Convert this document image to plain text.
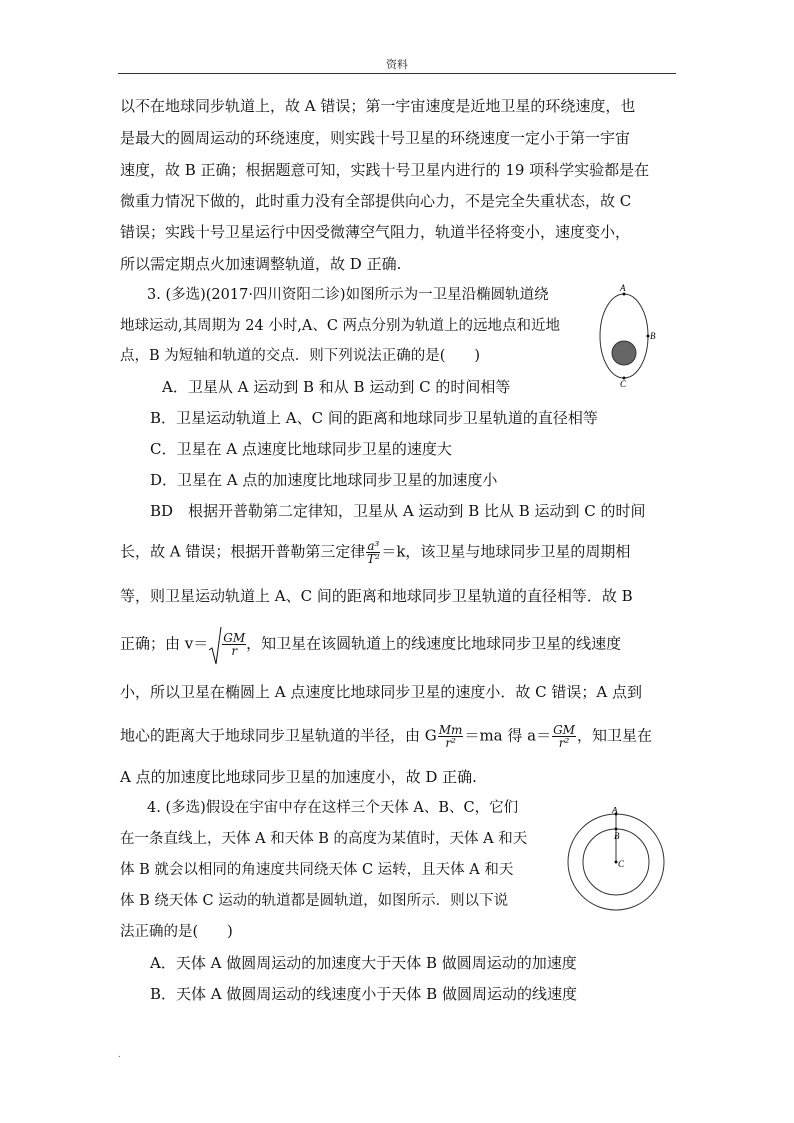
资料
以不在地球同步轨道上，故 A 错误；第一宇宙速度是近地卫星的环绕速度，也
是最大的圆周运动的环绕速度，则实践十号卫星的环绕速度一定小于第一宇宙
速度，故 B 正确；根据题意可知，实践十号卫星内进行的 19 项科学实验都是在
微重力情况下做的，此时重力没有全部提供向心力，不是完全失重状态，故 C
错误；实践十号卫星运行中因受微薄空气阻力，轨道半径将变小，速度变小，
所以需定期点火加速调整轨道，故 D 正确.
3. (多选)(2017·四川资阳二诊)如图所示为一卫星沿椭圆轨道绕
地球运动,其周期为 24 小时,A、C 两点分别为轨道上的远地点和近地
点，B 为短轴和轨道的交点．则下列说法正确的是(　　)
A．卫星从 A 运动到 B 和从 B 运动到 C 的时间相等
B．卫星运动轨道上 A、C 间的距离和地球同步卫星轨道的直径相等
C．卫星在 A 点速度比地球同步卫星的速度大
D．卫星在 A 点的加速度比地球同步卫星的加速度小
A
B
C
BD　根据开普勒第二定律知，卫星从 A 运动到 B 比从 B 运动到 C 的时间
长，故 A 错误；根据开普勒第三定律 $\frac{\text{a³}}{\text{T²}} =k$，该卫星与地球同步卫星的周期相
等，则卫星运动轨道上 A、C 间的距离和地球同步卫星轨道的直径相等．故 B
正确；由 $v= \frac{GM}{r}$ ，知卫星在该圆轨道上的线速度比地球同步卫星的线速度
小，所以卫星在椭圆上 A 点速度比地球同步卫星的速度小．故 C 错误；A 点到
地心的距离大于地球同步卫星轨道的半径，由 G $\frac{Mm}{\text{r²}} =ma$ 得 $a= \frac{GM}{\text{r²}}$ ，知卫星在
A 点的加速度比地球同步卫星的加速度小，故 D 正确.
4. (多选)假设在宇宙中存在这样三个天体 A、B、C，它们
在一条直线上，天体 A 和天体 B 的高度为某值时，天体 A 和天
体 B 就会以相同的角速度共同绕天体 C 运转，且天体 A 和天
体 B 绕天体 C 运动的轨道都是圆轨道，如图所示．则以下说
法正确的是(　　)
A
B
C
A．天体 A 做圆周运动的加速度大于天体 B 做圆周运动的加速度
B．天体 A 做圆周运动的线速度小于天体 B 做圆周运动的线速度
.
